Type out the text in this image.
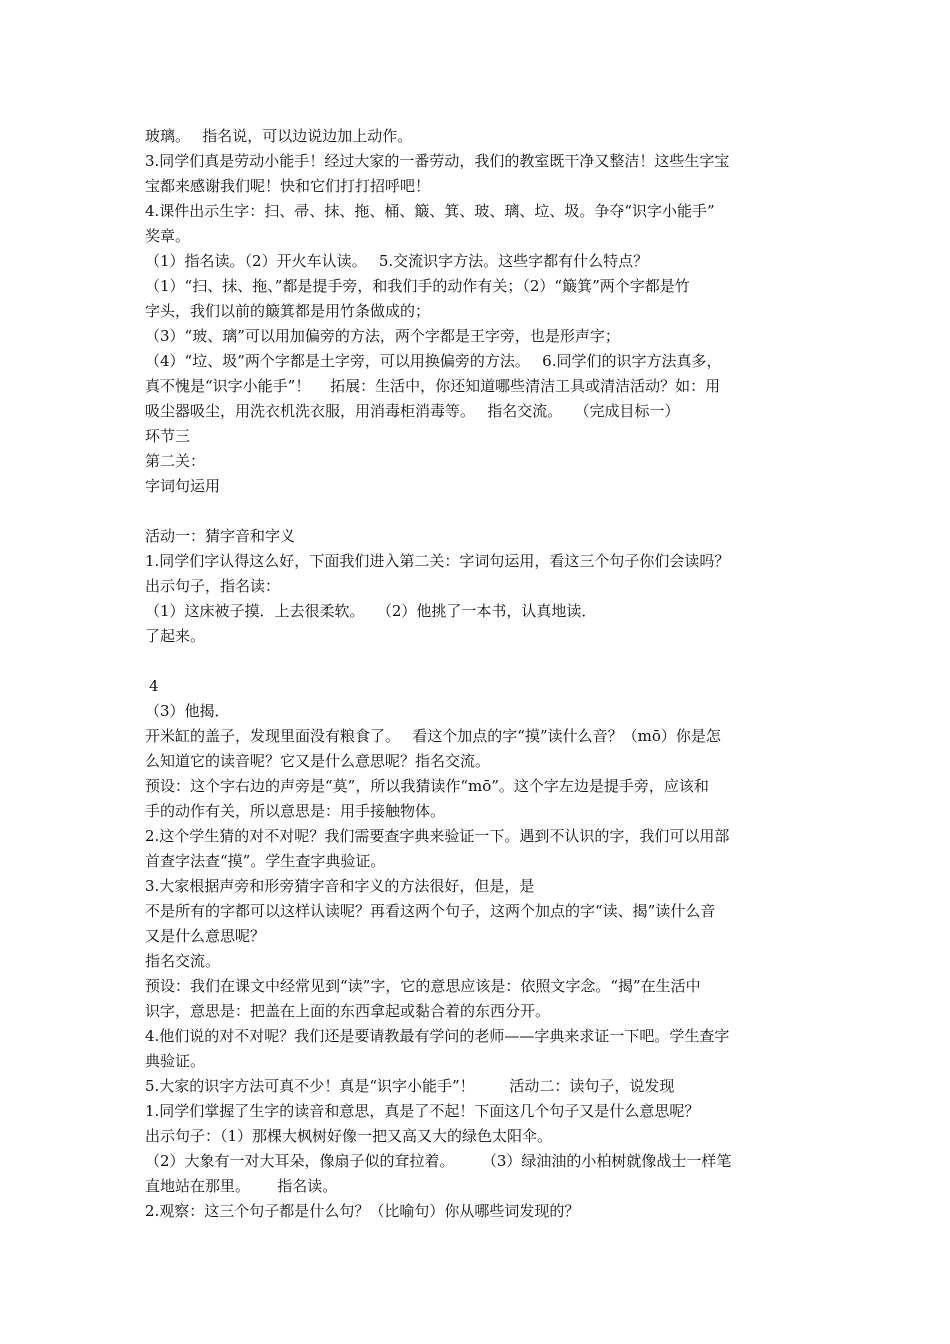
玻璃。　 指名说，可以边说边加上动作。
3.同学们真是劳动小能手！经过大家的一番劳动，我们的教室既干净又整洁！这些生字宝
宝都来感谢我们呢！快和它们打打招呼吧！
4.课件出示生字：扫、帚、抹、拖、桶、簸、箕、玻、璃、垃、圾。争夺“识字小能手”
奖章。
（1）指名读。（2）开火车认读。　 5.交流识字方法。这些字都有什么特点？
（1）“扫、抹、拖、”都是提手旁，和我们手的动作有关；（2）“簸箕”两个字都是竹
字头，我们以前的簸箕都是用竹条做成的；
（3）“玻、璃”可以用加偏旁的方法，两个字都是王字旁，也是形声字；
（4）“垃、圾”两个字都是土字旁，可以用换偏旁的方法。　 6.同学们的识字方法真多，
真不愧是“识字小能手”！　 拓展：生活中，你还知道哪些清洁工具或清洁活动？如：用
吸尘器吸尘，用洗衣机洗衣服，用消毒柜消毒等。　 指名交流。　 （完成目标一）
环节三
第二关：
字词句运用
活动一：猜字音和字义
1.同学们字认得这么好，下面我们进入第二关：字词句运用，看这三个句子你们会读吗？
出示句子，指名读：
（1）这床被子摸．上去很柔软。　 （2）他挑了一本书，认真地读．
了起来。
4
（3）他揭．
开米缸的盖子，发现里面没有粮食了。　 看这个加点的字“摸”读什么音？（mō）你是怎
么知道它的读音呢？它又是什么意思呢？指名交流。
预设：这个字右边的声旁是“莫”，所以我猜读作“mō”。这个字左边是提手旁，应该和
手的动作有关，所以意思是：用手接触物体。
2.这个学生猜的对不对呢？我们需要查字典来验证一下。遇到不认识的字，我们可以用部
首查字法查“摸”。学生查字典验证。
3.大家根据声旁和形旁猜字音和字义的方法很好，但是，是
不是所有的字都可以这样认读呢？再看这两个句子，这两个加点的字“读、揭”读什么音
又是什么意思呢？
指名交流。
预设：我们在课文中经常见到“读”字，它的意思应该是：依照文字念。“揭”在生活中
识字，意思是：把盖在上面的东西拿起或黏合着的东西分开。
4.他们说的对不对呢？我们还是要请教最有学问的老师——字典来求证一下吧。学生查字
典验证。
5.大家的识字方法可真不少！真是“识字小能手”！　　 活动二：读句子，说发现
1.同学们掌握了生字的读音和意思，真是了不起！下面这几个句子又是什么意思呢？
出示句子：（1）那棵大枫树好像一把又高又大的绿色太阳伞。
（2）大象有一对大耳朵，像扇子似的耷拉着。　　 （3）绿油油的小柏树就像战士一样笔
直地站在那里。　　 指名读。
2.观察：这三个句子都是什么句？（比喻句）你从哪些词发现的？
